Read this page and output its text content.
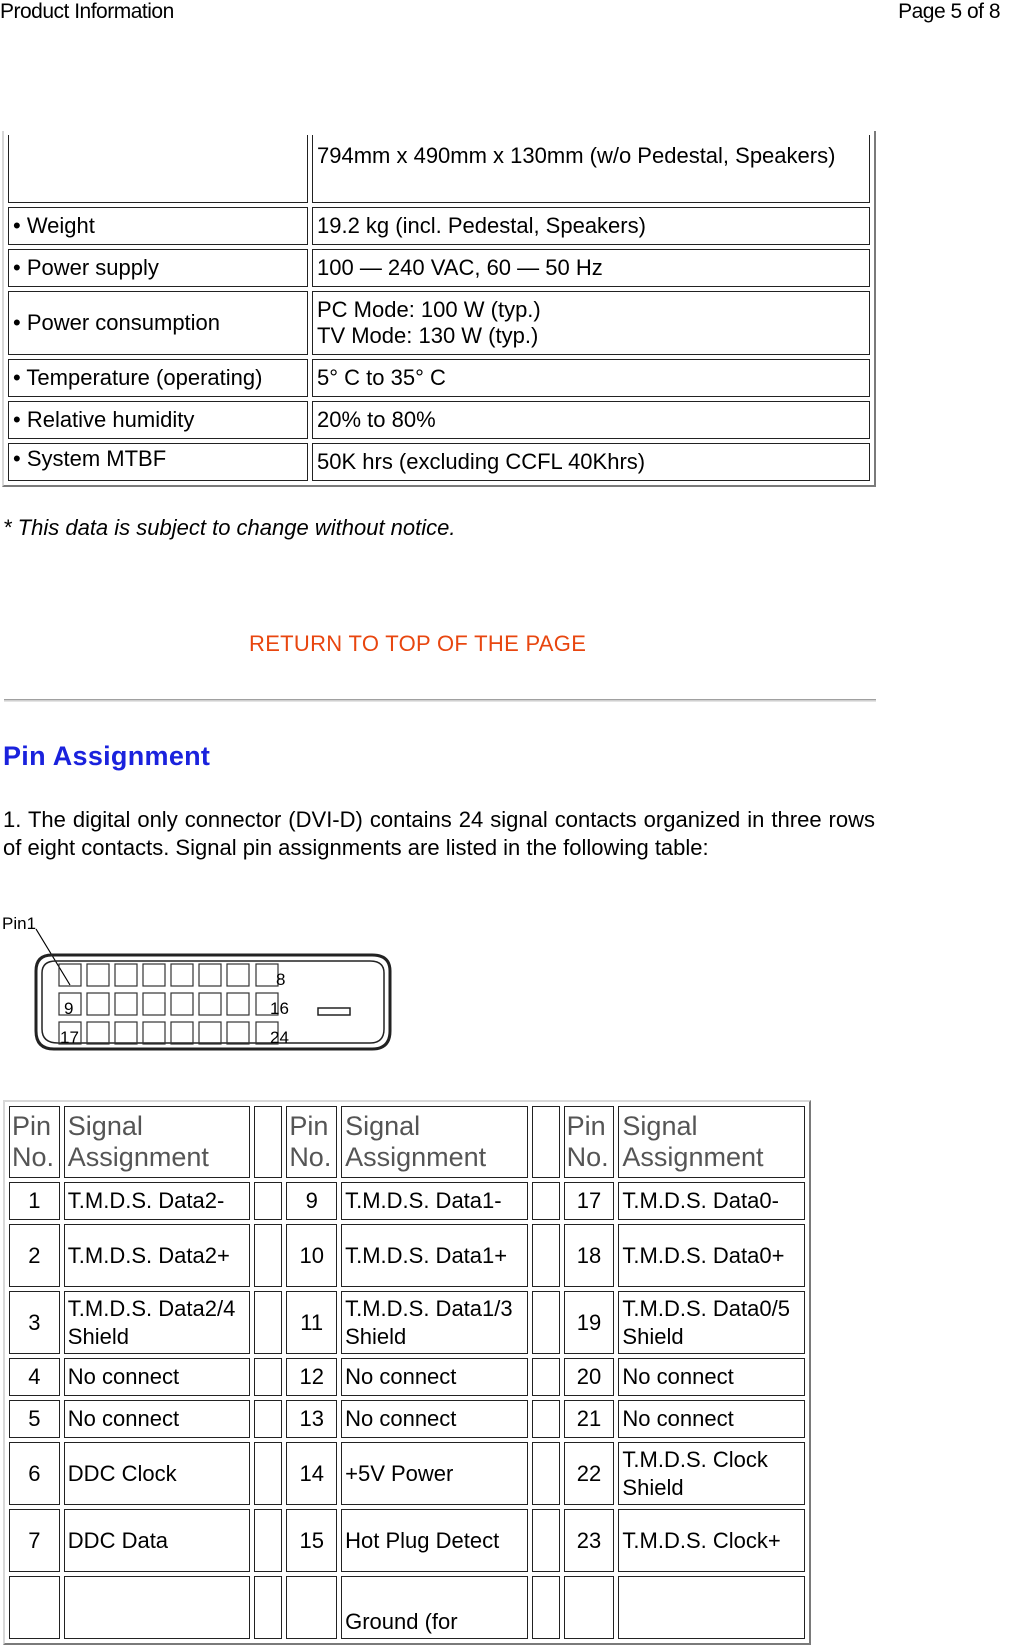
Product Information	Page 5 of 8
	794mm x 490mm x 130mm (w/o Pedestal, Speakers)
• Weight	19.2 kg (incl. Pedestal, Speakers)
• Power supply	100 — 240 VAC, 60 — 50 Hz
• Power consumption	PC Mode: 100 W (typ.)
TV Mode: 130 W (typ.)

• Temperature (operating)	5° C to 35° C
• Relative humidity	20% to 80%
• System MTBF	50K hrs (excluding CCFL 40Khrs)
* This data is subject to change without notice.
RETURN TO TOP OF THE PAGE
Pin Assignment

1. The digital only connector (DVI-D) contains 24 signal contacts organized in three rows of eight contacts. Signal pin assignments are listed in the following table:

Pin1
8
9	16
17	24
Pin No.	Signal Assignment		Pin No.	Signal Assignment		Pin No.	Signal Assignment
1	T.M.D.S. Data2-		9	T.M.D.S. Data1-		17	T.M.D.S. Data0-
2	T.M.D.S. Data2+		10	T.M.D.S. Data1+		18	T.M.D.S. Data0+
3	T.M.D.S. Data2/4 Shield		11	T.M.D.S. Data1/3 Shield		19	T.M.D.S. Data0/5 Shield
4	No connect		12	No connect		20	No connect
5	No connect		13	No connect		21	No connect
6	DDC Clock		14	+5V Power		22	T.M.D.S. Clock Shield
7	DDC Data		15	Hot Plug Detect		23	T.M.D.S. Clock+
				Ground (for			
